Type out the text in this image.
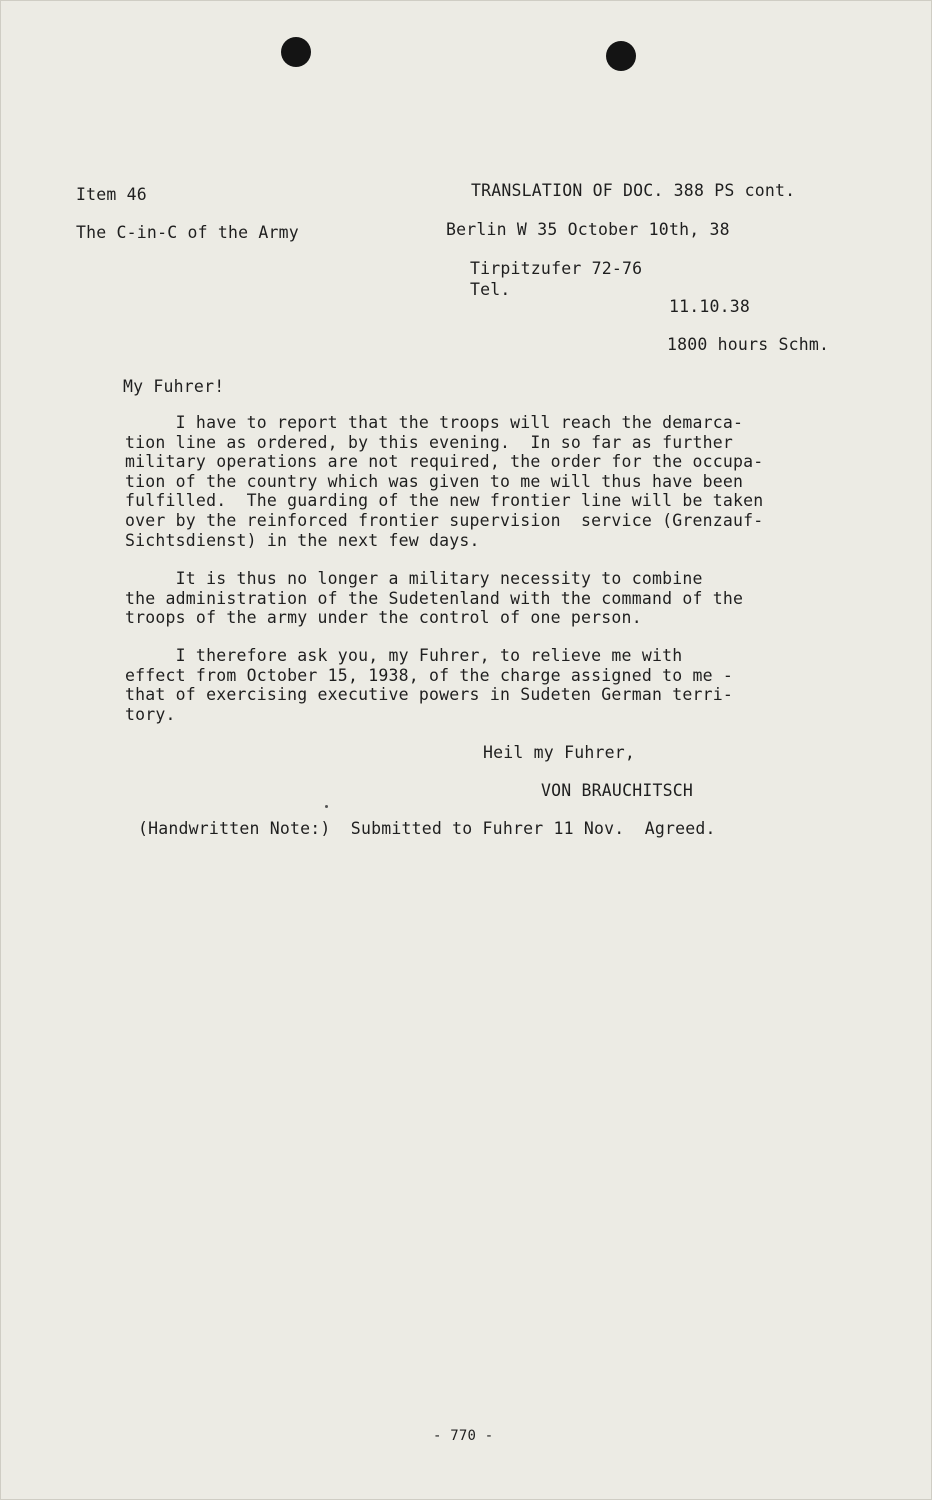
Item 46	TRANSLATION OF DOC. 388 PS cont.
The C-in-C of the Army	Berlin W 35 October 10th, 38
Tirpitzufer 72-76
Tel.
11.10.38
1800 hours Schm.
My Fuhrer!
I have to report that the troops will reach the demarca-
tion line as ordered, by this evening.  In so far as further
military operations are not required, the order for the occupa-
tion of the country which was given to me will thus have been
fulfilled.  The guarding of the new frontier line will be taken
over by the reinforced frontier supervision  service (Grenzauf-
Sichtsdienst) in the next few days.
It is thus no longer a military necessity to combine
the administration of the Sudetenland with the command of the
troops of the army under the control of one person.
I therefore ask you, my Fuhrer, to relieve me with
effect from October 15, 1938, of the charge assigned to me -
that of exercising executive powers in Sudeten German terri-
tory.
Heil my Fuhrer,
VON BRAUCHITSCH
(Handwritten Note:)  Submitted to Fuhrer 11 Nov.  Agreed.
- 770 -
